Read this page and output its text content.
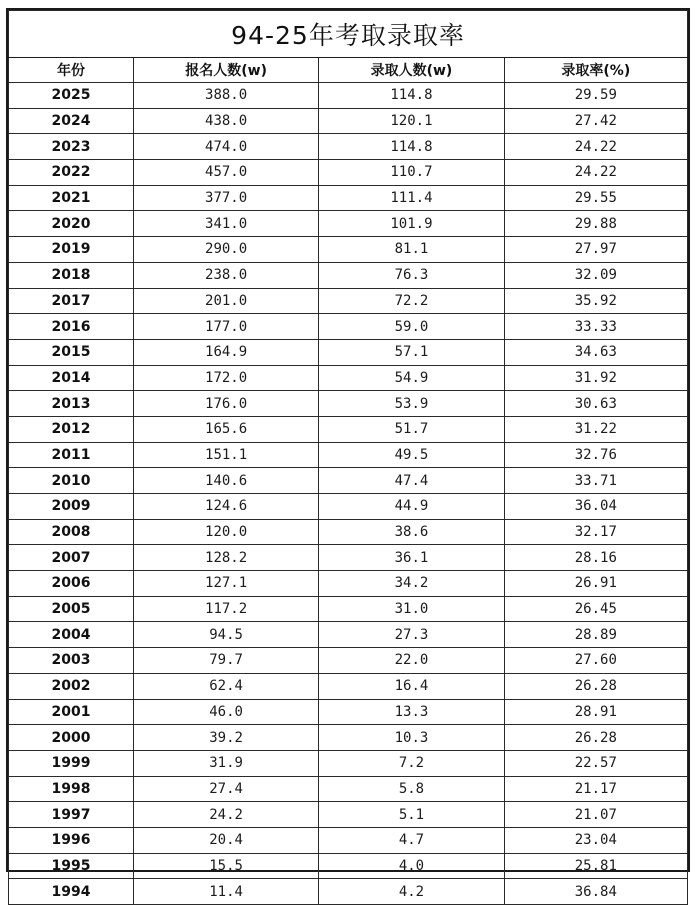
94-25年考取录取率			
年份	报名人数(w)	录取人数(w)	录取率(%)
2025	388.0	114.8	29.59
2024	438.0	120.1	27.42
2023	474.0	114.8	24.22
2022	457.0	110.7	24.22
2021	377.0	111.4	29.55
2020	341.0	101.9	29.88
2019	290.0	81.1	27.97
2018	238.0	76.3	32.09
2017	201.0	72.2	35.92
2016	177.0	59.0	33.33
2015	164.9	57.1	34.63
2014	172.0	54.9	31.92
2013	176.0	53.9	30.63
2012	165.6	51.7	31.22
2011	151.1	49.5	32.76
2010	140.6	47.4	33.71
2009	124.6	44.9	36.04
2008	120.0	38.6	32.17
2007	128.2	36.1	28.16
2006	127.1	34.2	26.91
2005	117.2	31.0	26.45
2004	94.5	27.3	28.89
2003	79.7	22.0	27.60
2002	62.4	16.4	26.28
2001	46.0	13.3	28.91
2000	39.2	10.3	26.28
1999	31.9	7.2	22.57
1998	27.4	5.8	21.17
1997	24.2	5.1	21.07
1996	20.4	4.7	23.04
1995	15.5	4.0	25.81
1994	11.4	4.2	36.84
